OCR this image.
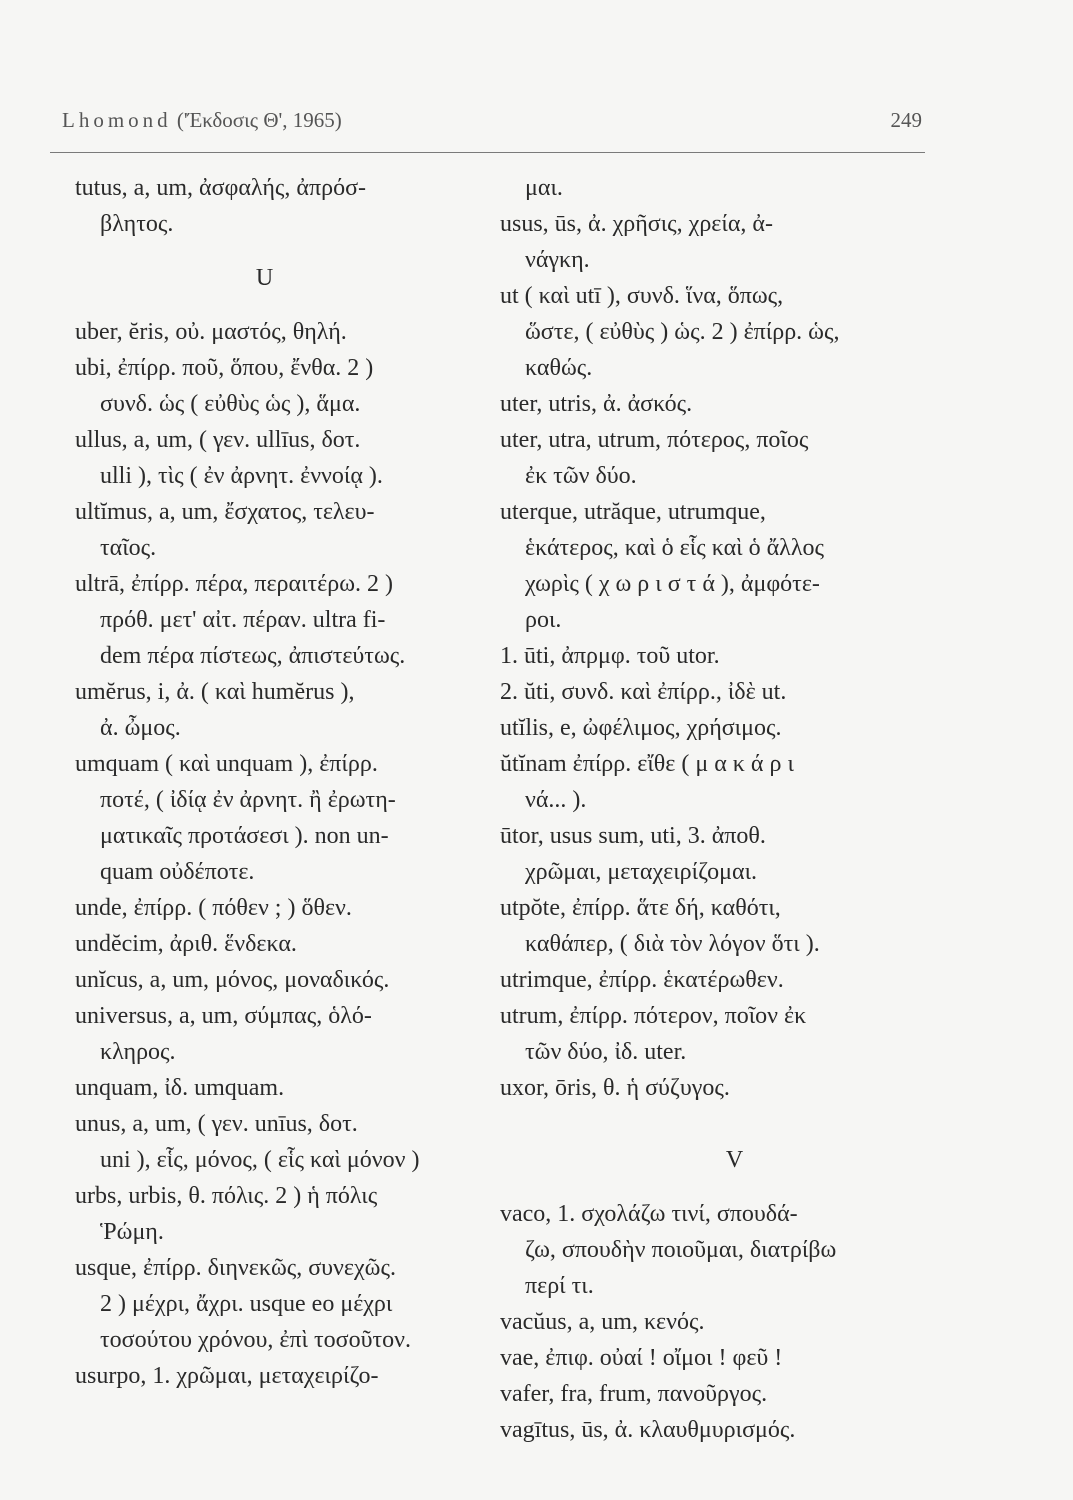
Lhomond ('Έκδοσις Θ', 1965)	249
tutus, a, um, ἀσφαλής, ἀπρόσ-
βλητος.
U
uber, ĕris, οὐ. μαστός, θηλή.
ubi, ἐπίρρ. ποῦ, ὅπου, ἔνθα. 2 )
συνδ. ὡς ( εὐθὺς ὡς ), ἅμα.
ullus, a, um, ( γεν. ullīus, δοτ.
ulli ), τὶς ( ἐν ἀρνητ. ἐννοίᾳ ).
ultĭmus, a, um, ἔσχατος, τελευ-
ταῖος.
ultrā, ἐπίρρ. πέρα, περαιτέρω. 2 )
πρόθ. μετ' αἰτ. πέραν. ultra fi-
dem πέρα πίστεως, ἀπιστεύτως.
umĕrus, i, ἀ. ( καὶ humĕrus ),
ἀ. ὦμος.
umquam ( καὶ unquam ), ἐπίρρ.
ποτέ, ( ἰδίᾳ ἐν ἀρνητ. ἢ ἐρωτη-
ματικαῖς προτάσεσι ). non un-
quam οὐδέποτε.
unde, ἐπίρρ. ( πόθεν ; ) ὅθεν.
undĕcim, ἀριθ. ἕνδεκα.
unĭcus, a, um, μόνος, μοναδικός.
universus, a, um, σύμπας, ὁλό-
κληρος.
unquam, ἰδ. umquam.
unus, a, um, ( γεν. unīus, δοτ.
uni ), εἷς, μόνος, ( εἷς καὶ μόνον )
urbs, urbis, θ. πόλις. 2 ) ἡ πόλις
Ῥώμη.
usque, ἐπίρρ. διηνεκῶς, συνεχῶς.
2 ) μέχρι, ἄχρι. usque eo μέχρι
τοσούτου χρόνου, ἐπὶ τοσοῦτον.
usurpo, 1. χρῶμαι, μεταχειρίζο-
μαι.
usus, ūs, ἀ. χρῆσις, χρεία, ἀ-
νάγκη.
ut ( καὶ utī ), συνδ. ἵνα, ὅπως,
ὥστε, ( εὐθὺς ) ὡς. 2 ) ἐπίρρ. ὡς,
καθώς.
uter, utris, ἀ. ἀσκός.
uter, utra, utrum, πότερος, ποῖος
ἐκ τῶν δύο.
uterque, utrăque, utrumque,
ἑκάτερος, καὶ ὁ εἷς καὶ ὁ ἄλλος
χωρὶς ( χ ω ρ ι σ τ ά ), ἀμφότε-
ροι.
1. ūti, ἀπρμφ. τοῦ utor.
2. ŭti, συνδ. καὶ ἐπίρρ., ἰδὲ ut.
utĭlis, e, ὠφέλιμος, χρήσιμος.
ŭtĭnam ἐπίρρ. εἴθε ( μ α κ ά ρ ι
νά... ).
ūtor, usus sum, uti, 3. ἀποθ.
χρῶμαι, μεταχειρίζομαι.
utpŏte, ἐπίρρ. ἅτε δή, καθότι,
καθάπερ, ( διὰ τὸν λόγον ὅτι ).
utrimque, ἐπίρρ. ἑκατέρωθεν.
utrum, ἐπίρρ. πότερον, ποῖον ἐκ
τῶν δύο, ἰδ. uter.
uxor, ōris, θ. ἡ σύζυγος.
V
vaco, 1. σχολάζω τινί, σπουδά-
ζω, σπουδὴν ποιοῦμαι, διατρίβω
περί τι.
vacŭus, a, um, κενός.
vae, ἐπιφ. οὐαί ! οἴμοι ! φεῦ !
vafer, fra, frum, πανοῦργος.
vagītus, ūs, ἀ. κλαυθμυρισμός.
